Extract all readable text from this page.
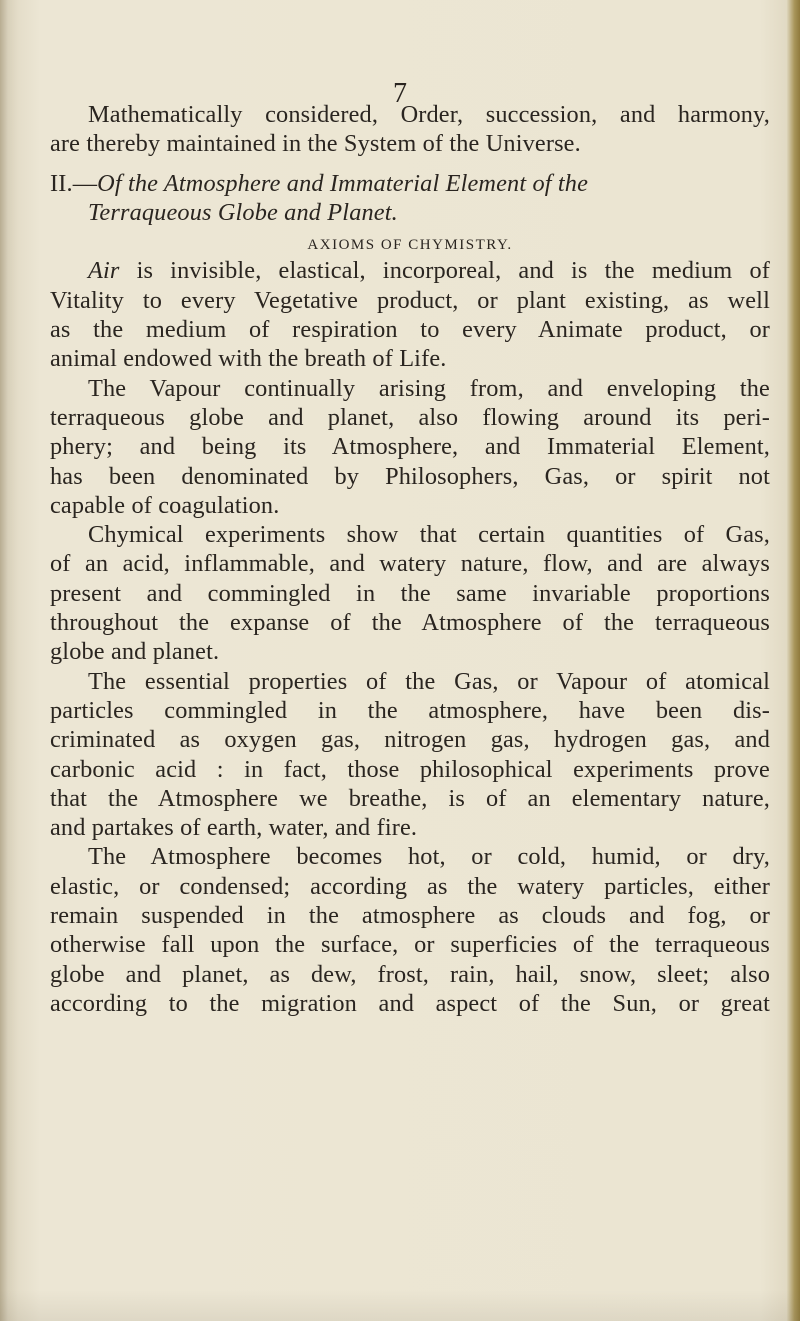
7
Mathematically considered, Order, succession, and harmony,
are thereby maintained in the System of the Universe.
II.—Of the Atmosphere and Immaterial Element of the
Terraqueous Globe and Planet.
AXIOMS OF CHYMISTRY.
Air is invisible, elastical, incorporeal, and is the medium of
Vitality to every Vegetative product, or plant existing, as well
as the medium of respiration to every Animate product, or
animal endowed with the breath of Life.
The Vapour continually arising from, and enveloping the
terraqueous globe and planet, also flowing around its peri-
phery; and being its Atmosphere, and Immaterial Element,
has been denominated by Philosophers, Gas, or spirit not
capable of coagulation.
Chymical experiments show that certain quantities of Gas,
of an acid, inflammable, and watery nature, flow, and are always
present and commingled in the same invariable proportions
throughout the expanse of the Atmosphere of the terraqueous
globe and planet.
The essential properties of the Gas, or Vapour of atomical
particles commingled in the atmosphere, have been dis-
criminated as oxygen gas, nitrogen gas, hydrogen gas, and
carbonic acid : in fact, those philosophical experiments prove
that the Atmosphere we breathe, is of an elementary nature,
and partakes of earth, water, and fire.
The Atmosphere becomes hot, or cold, humid, or dry,
elastic, or condensed; according as the watery particles, either
remain suspended in the atmosphere as clouds and fog, or
otherwise fall upon the surface, or superficies of the terraqueous
globe and planet, as dew, frost, rain, hail, snow, sleet; also
according to the migration and aspect of the Sun, or great
